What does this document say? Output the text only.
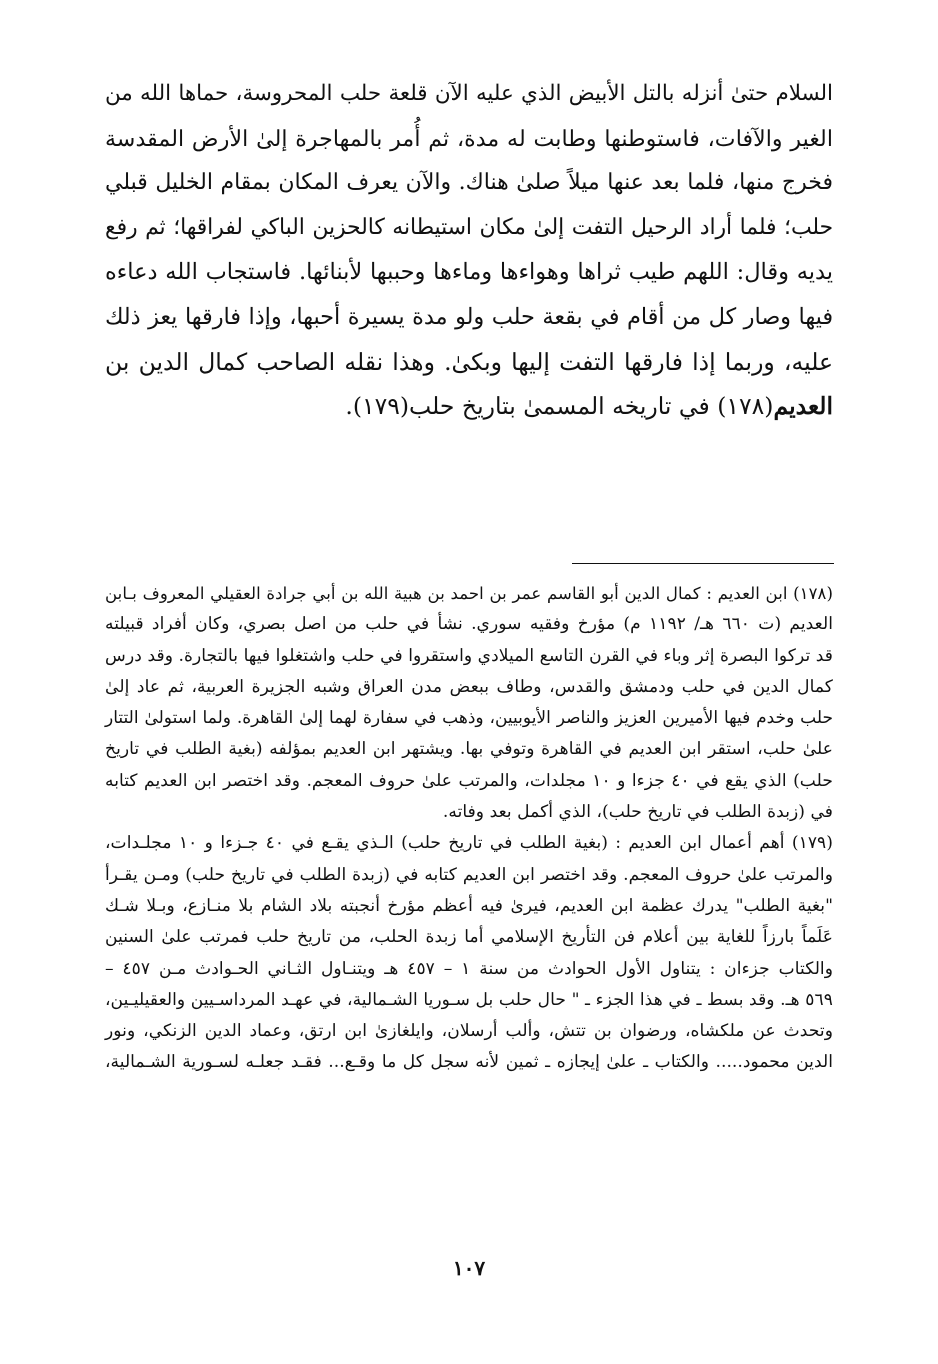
السلام حتىٰ أنزله بالتل الأبيض الذي عليه الآن قلعة حلب المحروسة، حماها الله من
الغير والآفات، فاستوطنها وطابت له مدة، ثم أُمر بالمهاجرة إلىٰ الأرض المقدسة
فخرج منها، فلما بعد عنها ميلاً صلىٰ هناك. والآن يعرف المكان بمقام الخليل قبلي
حلب؛ فلما أراد الرحيل التفت إلىٰ مكان استيطانه كالحزين الباكي لفراقها؛ ثم رفع
يديه وقال: اللهم طيب ثراها وهواءها وماءها وحببها لأبنائها. فاستجاب الله دعاءه
فيها وصار كل من أقام في بقعة حلب ولو مدة يسيرة أحبها، وإذا فارقها يعز ذلك
عليه، وربما إذا فارقها التفت إليها وبكىٰ. وهذا نقله الصاحب كمال الدين بن
العديم(١٧٨) في تاريخه المسمىٰ بتاريخ حلب(١٧٩).
(١٧٨) ابن العديم : كمال الدين أبو القاسم عمر بن احمد بن هبية الله بن أبي جرادة العقيلي المعروف بـابن
العديم (ت ٦٦٠ هـ/ ١١٩٢ م) مؤرخ وفقيه سوري. نشأ في حلب من اصل بصري، وكان أفراد قبيلته
قد تركوا البصرة إثر وباء في القرن التاسع الميلادي واستقروا في حلب واشتغلوا فيها بالتجارة. وقد درس
كمال الدين في حلب ودمشق والقدس، وطاف ببعض مدن العراق وشبه الجزيرة العربية، ثم عاد إلىٰ
حلب وخدم فيها الأميرين العزيز والناصر الأيوبيين، وذهب في سفارة لهما إلىٰ القاهرة. ولما استولىٰ التتار
علىٰ حلب، استقر ابن العديم في القاهرة وتوفي بها. ويشتهر ابن العديم بمؤلفه (بغية الطلب في تاريخ
حلب) الذي يقع في ٤٠ جزءا و ١٠ مجلدات، والمرتب علىٰ حروف المعجم. وقد اختصر ابن العديم كتابه
في (زبدة الطلب في تاريخ حلب)، الذي أكمل بعد وفاته.
(١٧٩) أهم أعمال ابن العديم : (بغية الطلب في تاريخ حلب) الـذي يقـع في ٤٠ جـزءا و ١٠ مجلـدات،
والمرتب علىٰ حروف المعجم. وقد اختصر ابن العديم كتابه في (زبدة الطلب في تاريخ حلب) ومـن يقـرأ
"بغية الطلب" يدرك عظمة ابن العديم، فيرىٰ فيه أعظم مؤرخ أنجبته بلاد الشام بلا منـازع، وبـلا شـك
عَلَماً بارزاً للغاية بين أعلام فن التأريخ الإسلامي أما زبدة الحلب، من تاريخ حلب فمرتب علىٰ السنين
والكتاب جزءان : يتناول الأول الحوادث من سنة ١ – ٤٥٧ هـ ويتنـاول الثـاني الحـوادث مـن ٤٥٧ –
٥٦٩ هـ. وقد بسط ـ في هذا الجزء ـ " حال حلب بل سـوريا الشـمالية، في عهـد المرداسـيين والعقيليـين،
وتحدث عن ملكشاه، ورضوان بن تتش، وألب أرسلان، وايلغازىٰ ابن ارتق، وعماد الدين الزنكي، ونور
الدين محمود..... والكتاب ـ علىٰ إيجازه ـ ثمين لأنه سجل كل ما وقـع... فقـد جعلـه لسـورية الشـمالية،
١٠٧
